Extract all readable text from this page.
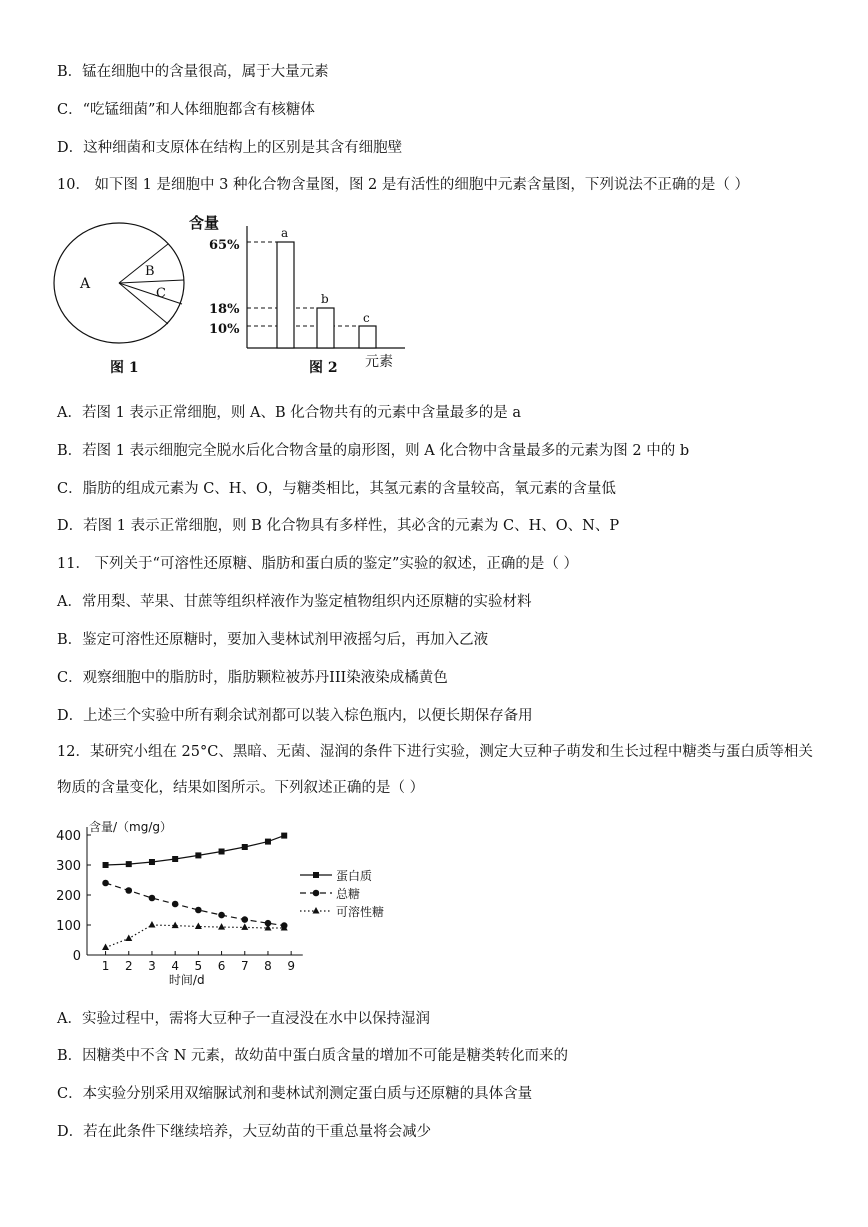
B．锰在细胞中的含量很高，属于大量元素
C．“吃锰细菌”和人体细胞都含有核糖体
D．这种细菌和支原体在结构上的区别是其含有细胞壁
10． 如下图 1 是细胞中 3 种化合物含量图，图 2 是有活性的细胞中元素含量图，下列说法不正确的是（ ）
A
B
C
图 1
含量
65%
18%
10%
a
b
c
元素
图 2
A．若图 1 表示正常细胞，则 A、B 化合物共有的元素中含量最多的是 a
B．若图 1 表示细胞完全脱水后化合物含量的扇形图，则 A 化合物中含量最多的元素为图 2 中的 b
C．脂肪的组成元素为 C、H、O，与糖类相比，其氢元素的含量较高，氧元素的含量低
D．若图 1 表示正常细胞，则 B 化合物具有多样性，其必含的元素为 C、H、O、N、P
11． 下列关于“可溶性还原糖、脂肪和蛋白质的鉴定”实验的叙述，正确的是（ ）
A．常用梨、苹果、甘蔗等组织样液作为鉴定植物组织内还原糖的实验材料
B．鉴定可溶性还原糖时，要加入斐林试剂甲液摇匀后，再加入乙液
C．观察细胞中的脂肪时，脂肪颗粒被苏丹III染液染成橘黄色
D．上述三个实验中所有剩余试剂都可以装入棕色瓶内，以便长期保存备用
12．某研究小组在 25°C、黑暗、无菌、湿润的条件下进行实验，测定大豆种子萌发和生长过程中糖类与蛋白质等相关物质的含量变化，结果如图所示。下列叙述正确的是（ ）
400
300
200
100
0
1 2 3 4 5 6 7 8 9
含量/（mg/g）
时间/d
蛋白质
总糖
可溶性糖
A．实验过程中，需将大豆种子一直浸没在水中以保持湿润
B．因糖类中不含 N 元素，故幼苗中蛋白质含量的增加不可能是糖类转化而来的
C．本实验分别采用双缩脲试剂和斐林试剂测定蛋白质与还原糖的具体含量
D．若在此条件下继续培养，大豆幼苗的干重总量将会减少
